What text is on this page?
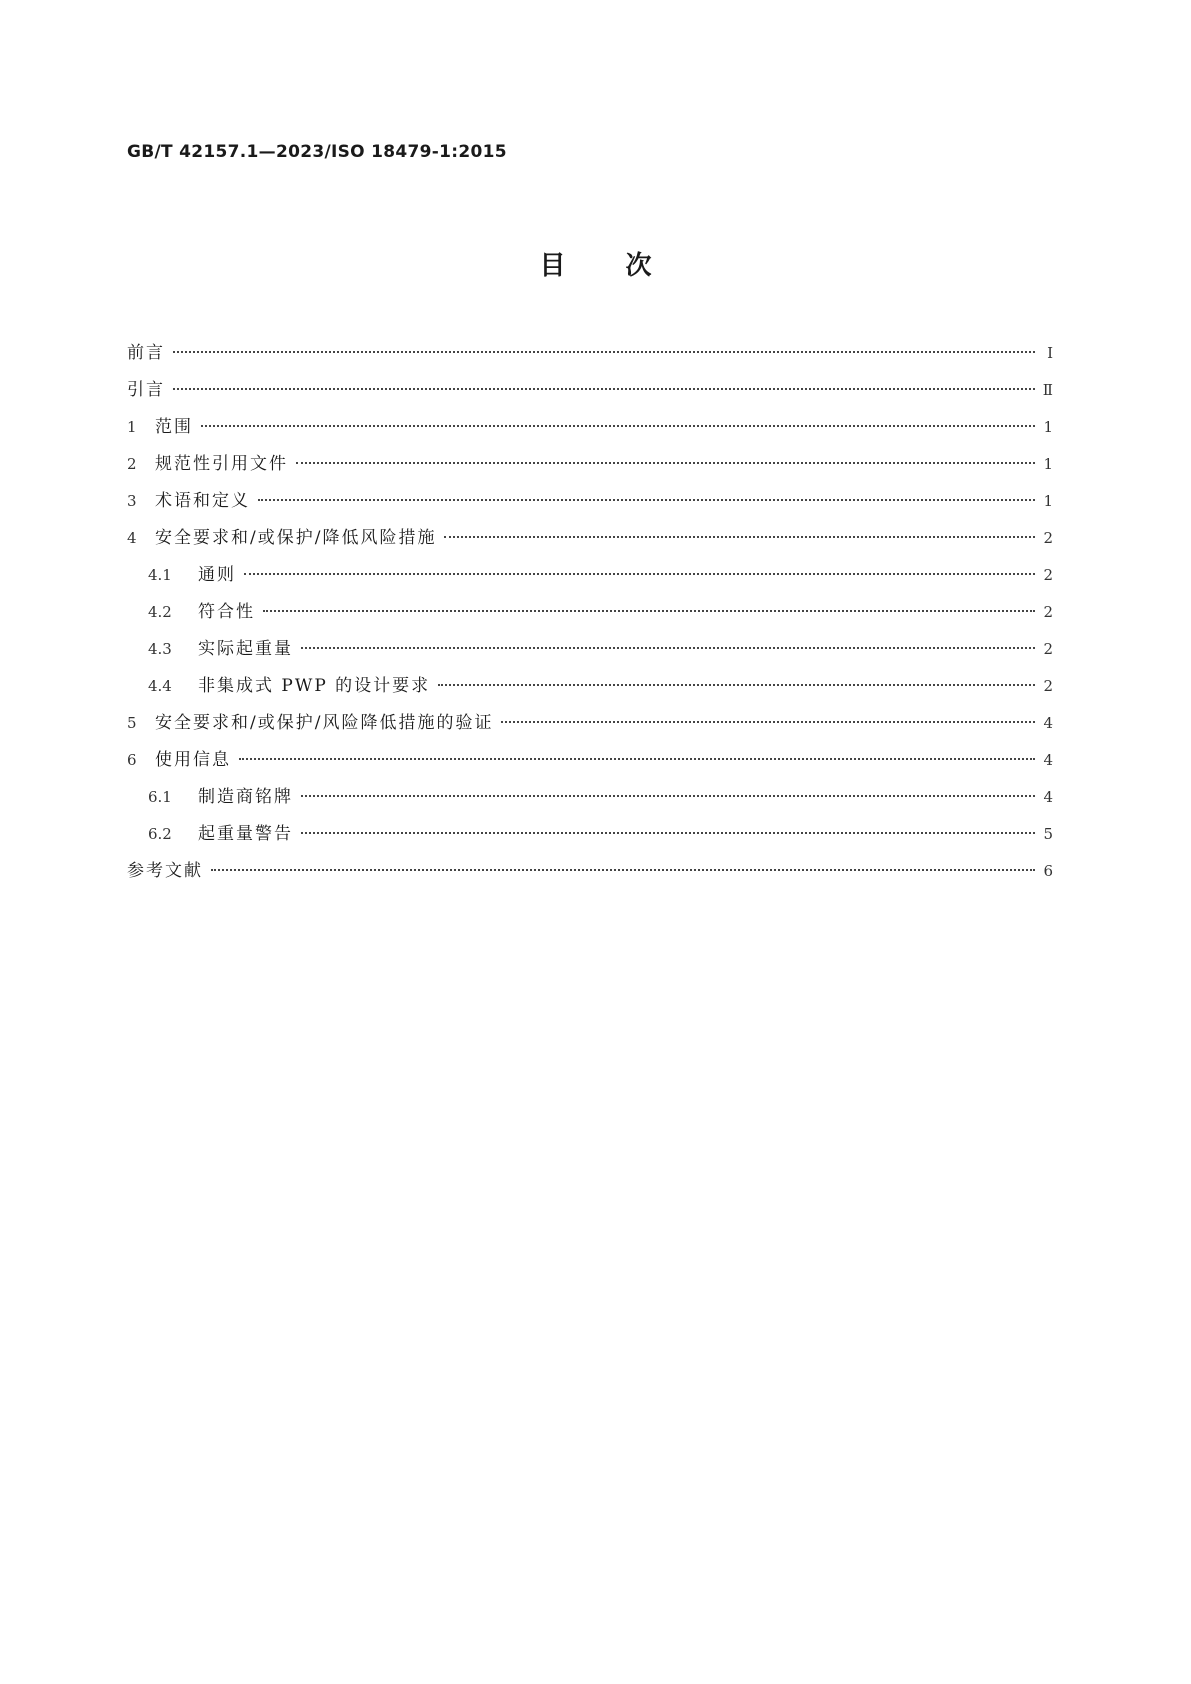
GB/T 42157.1—2023/ISO 18479-1:2015
目次
前言	Ⅰ
引言	Ⅱ
1	范围	1
2	规范性引用文件	1
3	术语和定义	1
4	安全要求和/或保护/降低风险措施	2
4.1	通则	2
4.2	符合性	2
4.3	实际起重量	2
4.4	非集成式 PWP 的设计要求	2
5	安全要求和/或保护/风险降低措施的验证	4
6	使用信息	4
6.1	制造商铭牌	4
6.2	起重量警告	5
参考文献	6
